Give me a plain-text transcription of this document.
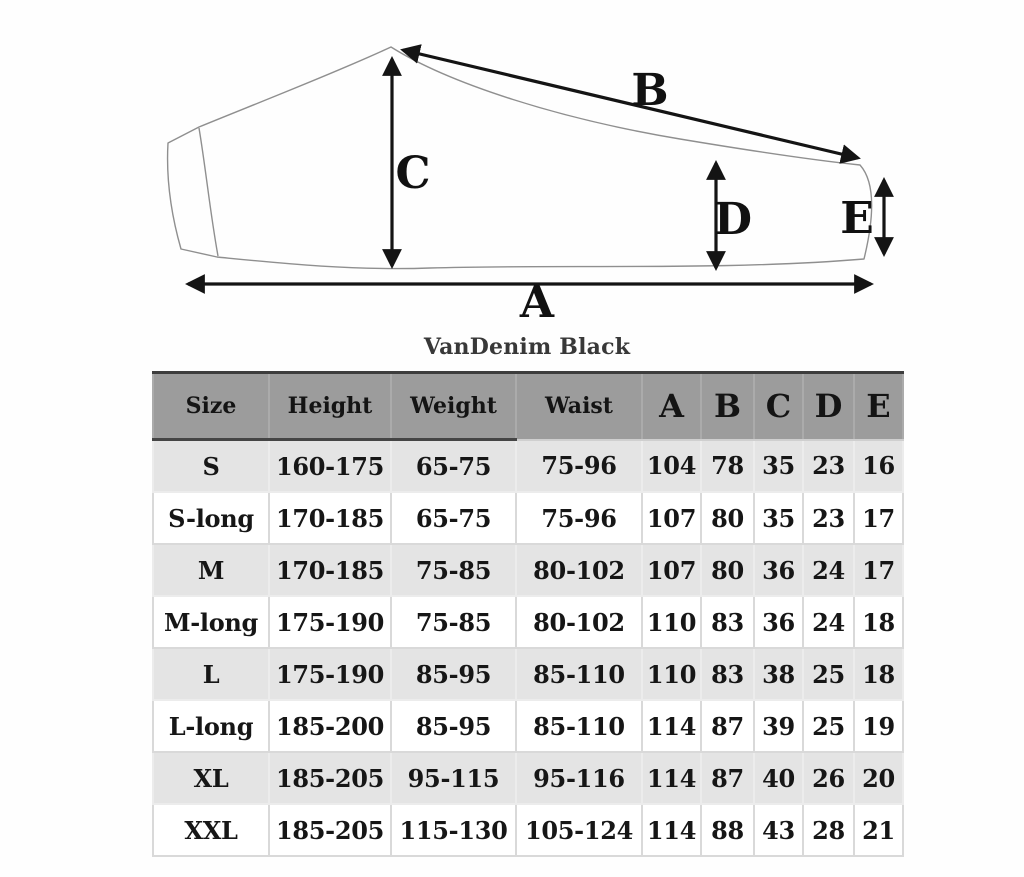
A
B
C
D E
VanDenim Black
Size	Height	Weight	Waist	A	B	C	D	E
S	160-175	65-75	75-96	104	78	35	23	16
S-long	170-185	65-75	75-96	107	80	35	23	17
M	170-185	75-85	80-102	107	80	36	24	17
M-long	175-190	75-85	80-102	110	83	36	24	18
L	175-190	85-95	85-110	110	83	38	25	18
L-long	185-200	85-95	85-110	114	87	39	25	19
XL	185-205	95-115	95-116	114	87	40	26	20
XXL	185-205	115-130	105-124	114	88	43	28	21
